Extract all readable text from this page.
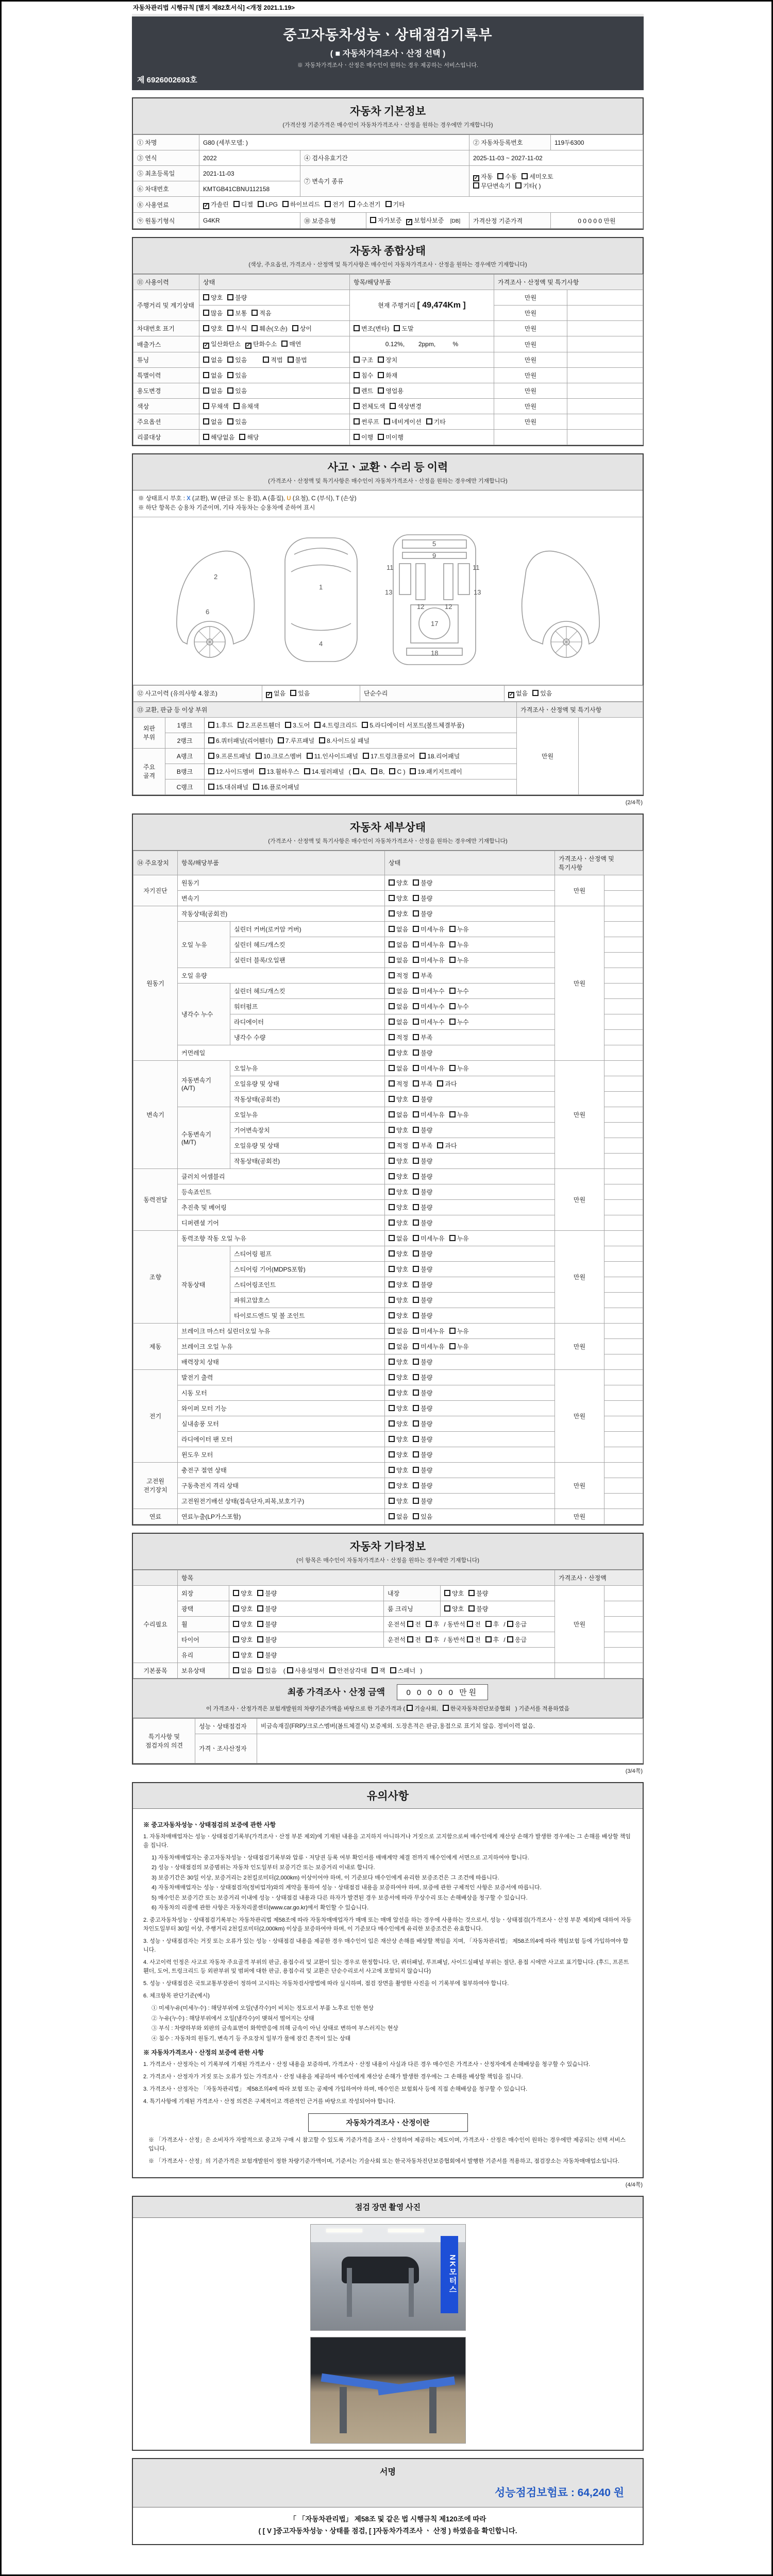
자동차관리법 시행규칙 [별지 제82호서식] <개정 2021.1.19>
중고자동차성능ㆍ상태점검기록부
( ■ 자동차가격조사ㆍ산정 선택 )
※ 자동차가격조사ㆍ산정은 매수인이 원하는 경우 제공하는 서비스입니다.
제 6926002693호
자동차 기본정보
(가격산정 기준가격은 매수인이 자동차가격조사ㆍ산정을 원하는 경우에만 기재합니다)
① 차명	G80 (세부모델: )			② 자동차등록번호	119두6300
③ 연식	2022	④ 검사유효기간		2025-11-03 ~ 2027-11-02	
⑤ 최초등록일	2021-11-03	⑦ 변속기 종류		✓ 자동 수동 세미오토
무단변속기 기타( )	
⑥ 차대번호	KMTGB41CBNU112158				
⑧ 사용연료	✓ 가솔린 디젤 LPG 하이브리드 전기 수소전기 기타				
⑨ 원동기형식	G4KR	⑩ 보증유형	자가보증 ✓ 보험사보증 [DB]	가격산정 기준가격	0 0 0 0 0 만원
자동차 종합상태
(색상, 주요옵션, 가격조사ㆍ산정액 및 특기사항은 매수인이 자동차가격조사ㆍ산정을 원하는 경우에만 기재합니다)
⑪ 사용이력	상태	항목/해당부품	가격조사ㆍ산정액 및 특기사항	
주행거리 및 계기상태	양호 불량	현재 주행거리 [ 49,474Km ]	만원	
	많음 보통 적음		만원	
차대번호 표기	양호 부식 훼손(오손) 상이	변조(변타) 도말	만원	
배출가스	✓ 일산화탄소 ✓ 탄화수소 매연	0.12%,        2ppm,          %	만원	
튜닝	없음 있음 적법 불법	구조 장치	만원	
특별이력	없음 있음	침수 화재	만원	
용도변경	없음 있음	렌트 영업용	만원	
색상	무채색 유채색	전체도색 색상변경	만원	
주요옵션	없음 있음	썬루프 네비게이션 기타	만원	
리콜대상	해당없음 해당	이행 미이행		
사고ㆍ교환ㆍ수리 등 이력
(가격조사ㆍ산정액 및 특기사항은 매수인이 자동차가격조사ㆍ산정을 원하는 경우에만 기재합니다)
※ 상태표시 부호 : X (교환), W (판금 또는 용접), A (흠집), U (요철), C (부식), T (손상)
※ 하단 항목은 승용차 기준이며, 기타 자동차는 승용차에 준하여 표시
2
6
1
4
5
9
11	11
13	13
12	12
17
18
⑫ 사고이력 (유의사항 4.참조)	✓ 없음 있음	단순수리	✓ 없음 있음
⑬ 교환, 판금 등 이상 부위			가격조사ㆍ산정액 및 특기사항	
외판 부위	1랭크	1.후드 2.프론트휀더 3.도어 4.트렁크리드 5.라디에이터 서포트(볼트체결부품)	만원	
	2랭크	6.쿼터패널(리어휀더) 7.루프패널 8.사이드실 패널		
주요 골격	A랭크	9.프론트패널 10.크로스멤버 11.인사이드패널 17.트렁크플로어 18.리어패널		
	B랭크	12.사이드멤버 13.휠하우스 14.필러패널 ( A, B, C ) 19.패키지트레이		
	C랭크	15.대쉬패널 16.플로어패널		
(2/4쪽)
자동차 세부상태
(가격조사ㆍ산정액 및 특기사항은 매수인이 자동차가격조사ㆍ산정을 원하는 경우에만 기재합니다)
⑭ 주요장치	항목/해당부품		상태	가격조사ㆍ산정액 및 특기사항	
자기진단	원동기		양호 불량	만원	
	변속기		양호 불량		
원동기	작동상태(공회전)		양호 불량	만원	
	오일 누유	실린더 커버(로커암 커버)	없음 미세누유 누유		
		실린더 헤드/개스킷	없음 미세누유 누유		
		실린더 블록/오일팬	없음 미세누유 누유		
	오일 유량		적정 부족		
	냉각수 누수	실린더 헤드/개스킷	없음 미세누수 누수		
		워터펌프	없음 미세누수 누수		
		라디에이터	없음 미세누수 누수		
		냉각수 수량	적정 부족		
	커먼레일		양호 불량		
변속기	자동변속기 (A/T)	오일누유	없음 미세누유 누유	만원	
		오일유량 및 상태	적정 부족 과다		
		작동상태(공회전)	양호 불량		
	수동변속기 (M/T)	오일누유	없음 미세누유 누유		
		기어변속장치	양호 불량		
		오일유량 및 상태	적정 부족 과다		
		작동상태(공회전)	양호 불량		
동력전달	클러치 어셈블리		양호 불량	만원	
	등속죠인트		양호 불량		
	추진축 및 베어링		양호 불량		
	디퍼렌셜 기어		양호 불량		
조향	동력조향 작동 오일 누유		없음 미세누유 누유	만원	
	작동상태	스티어링 펌프	양호 불량		
		스티어링 기어(MDPS포함)	양호 불량		
		스티어링조인트	양호 불량		
		파워고압호스	양호 불량		
		타이로드엔드 및 볼 조인트	양호 불량		
제동	브레이크 마스터 실린더오일 누유		없음 미세누유 누유	만원	
	브레이크 오일 누유		없음 미세누유 누유		
	배력장치 상태		양호 불량		
전기	발전기 출력		양호 불량	만원	
	시동 모터		양호 불량		
	와이퍼 모터 기능		양호 불량		
	실내송풍 모터		양호 불량		
	라디에이터 팬 모터		양호 불량		
	윈도우 모터		양호 불량		
고전원 전기장치	충전구 절연 상태		양호 불량	만원	
	구동축전지 격리 상태		양호 불량		
	고전원전기배선 상태(접속단자,피복,보호기구)		양호 불량		
연료	연료누출(LP가스포함)		없음 있음	만원	
자동차 기타정보
(이 항목은 매수인이 자동차가격조사ㆍ산정을 원하는 경우에만 기재합니다)
	항목				가격조사ㆍ산정액	
수리필요	외장	양호 불량	내장	양호 불량	만원	
	광택	양호 불량	룸 크리닝	양호 불량		
	휠	양호 불량	운전석 전 후 / 동반석 전 후 / 응급			
	타이어	양호 불량	운전석 전 후 / 동반석 전 후 / 응급			
	유리	양호 불량				
기본품목	보유상태	없음 있음 ( 사용설명서 안전삼각대 잭 스패너 )				
최종 가격조사ㆍ산정 금액	0 0 0 0 0 만원
이 가격조사ㆍ산정가격은 보험개발원의 차량기준가액을 바탕으로 한 기준가격과 ( 기술사회, 한국자동차진단보증협회 ) 기준서를 적용하였음
특기사항 및 점검자의 의견	성능ㆍ상태점검자	비금속재질(FRP)/크로스멤버(볼트체결식) 보증제외. 도장흔적은 판금,용접으로 표기치 않음. 정비이력 없음.
	가격ㆍ조사산정자	
(3/4쪽)
유의사항
※ 중고자동차성능ㆍ상태점검의 보증에 관한 사항
1. 자동차매매업자는 성능ㆍ상태점검기록부(가격조사ㆍ산정 부분 제외)에 기재된 내용을 고지하지 아니하거나 거짓으로 고지함으로써 매수인에게 재산상 손해가 발생한 경우에는 그 손해를 배상할 책임을 집니다.
1) 자동차매매업자는 중고자동차성능ㆍ상태점검기록부와 압류ㆍ저당권 등록 여부 확인서를 매매계약 체결 전까지 매수인에게 서면으로 고지하여야 합니다.
2) 성능ㆍ상태점검의 보증범위는 자동차 인도일부터 보증기간 또는 보증거리 이내로 합니다.
3) 보증기간은 30일 이상, 보증거리는 2천킬로미터(2,000km) 이상이어야 하며, 이 기준보다 매수인에게 유리한 보증조건은 그 조건에 따릅니다.
4) 자동차매매업자는 성능ㆍ상태점검자(정비업자)와의 계약을 통하여 성능ㆍ상태점검 내용을 보증하여야 하며, 보증에 관한 구체적인 사항은 보증서에 따릅니다.
5) 매수인은 보증기간 또는 보증거리 이내에 성능ㆍ상태점검 내용과 다른 하자가 발견된 경우 보증서에 따라 무상수리 또는 손해배상을 청구할 수 있습니다.
6) 자동차의 리콜에 관한 사항은 자동차리콜센터(www.car.go.kr)에서 확인할 수 있습니다.
2. 중고자동차성능ㆍ상태점검기록부는 자동차관리법 제58조에 따라 자동차매매업자가 매매 또는 매매 알선을 하는 경우에 사용하는 것으로서, 성능ㆍ상태점검(가격조사ㆍ산정 부분 제외)에 대하여 자동차인도일부터 30일 이상, 주행거리 2천킬로미터(2,000km) 이상을 보증하여야 하며, 이 기준보다 매수인에게 유리한 보증조건은 유효합니다.
3. 성능ㆍ상태점검자는 거짓 또는 오류가 있는 성능ㆍ상태점검 내용을 제공한 경우 매수인이 입은 재산상 손해를 배상할 책임을 지며, 「자동차관리법」 제58조의4에 따라 책임보험 등에 가입하여야 합니다.
4. 사고이력 인정은 사고로 자동차 주요골격 부위의 판금, 용접수리 및 교환이 있는 경우로 한정합니다. 단, 쿼터패널, 루프패널, 사이드실패널 부위는 절단, 용접 시에만 사고로 표기합니다. (후드, 프론트휀더, 도어, 트렁크리드 등 외판부위 및 범퍼에 대한 판금, 용접수리 및 교환은 단순수리로서 사고에 포함되지 않습니다)
5. 성능ㆍ상태점검은 국토교통부장관이 정하여 고시하는 자동차검사방법에 따라 실시하며, 점검 장면을 촬영한 사진을 이 기록부에 첨부하여야 합니다.
6. 체크항목 판단기준(예시)
① 미세누유(미세누수) : 해당부위에 오일(냉각수)이 비치는 정도로서 부품 노후로 인한 현상
② 누유(누수) : 해당부위에서 오일(냉각수)이 맺혀서 떨어지는 상태
③ 부식 : 차량하부와 외판의 금속표면이 화학반응에 의해 금속이 아닌 상태로 변하여 부스러지는 현상
④ 침수 : 자동차의 원동기, 변속기 등 주요장치 일부가 물에 잠긴 흔적이 있는 상태
※ 자동차가격조사ㆍ산정의 보증에 관한 사항
1. 가격조사ㆍ산정자는 이 기록부에 기재된 가격조사ㆍ산정 내용을 보증하며, 가격조사ㆍ산정 내용이 사실과 다른 경우 매수인은 가격조사ㆍ산정자에게 손해배상을 청구할 수 있습니다.
2. 가격조사ㆍ산정자가 거짓 또는 오류가 있는 가격조사ㆍ산정 내용을 제공하여 매수인에게 재산상 손해가 발생한 경우에는 그 손해를 배상할 책임을 집니다.
3. 가격조사ㆍ산정자는 「자동차관리법」 제58조의4에 따라 보험 또는 공제에 가입하여야 하며, 매수인은 보험회사 등에 직접 손해배상을 청구할 수 있습니다.
4. 특기사항에 기재된 가격조사ㆍ산정 의견은 구체적이고 객관적인 근거를 바탕으로 작성되어야 합니다.
자동차가격조사ㆍ산정이란
※ 「가격조사ㆍ산정」은 소비자가 자발적으로 중고차 구매 시 참고할 수 있도록 기준가격을 조사ㆍ산정하여 제공하는 제도이며, 가격조사ㆍ산정은 매수인이 원하는 경우에만 제공되는 선택 서비스입니다.
※ 「가격조사ㆍ산정」의 기준가격은 보험개발원이 정한 차량기준가액이며, 기준서는 기술사회 또는 한국자동차진단보증협회에서 발행한 기준서를 적용하고, 점검장소는 자동차매매업소입니다.
(4/4쪽)
점검 장면 촬영 사진
NK모터스
서명
성능점검보험료 : 64,240 원
「 「자동차관리법」 제58조 및 같은 법 시행규칙 제120조에 따라
( [ V ]중고자동차성능ㆍ상태를 점검, [ ]자동차가격조사 ㆍ 산정 ) 하였음을 확인합니다.
